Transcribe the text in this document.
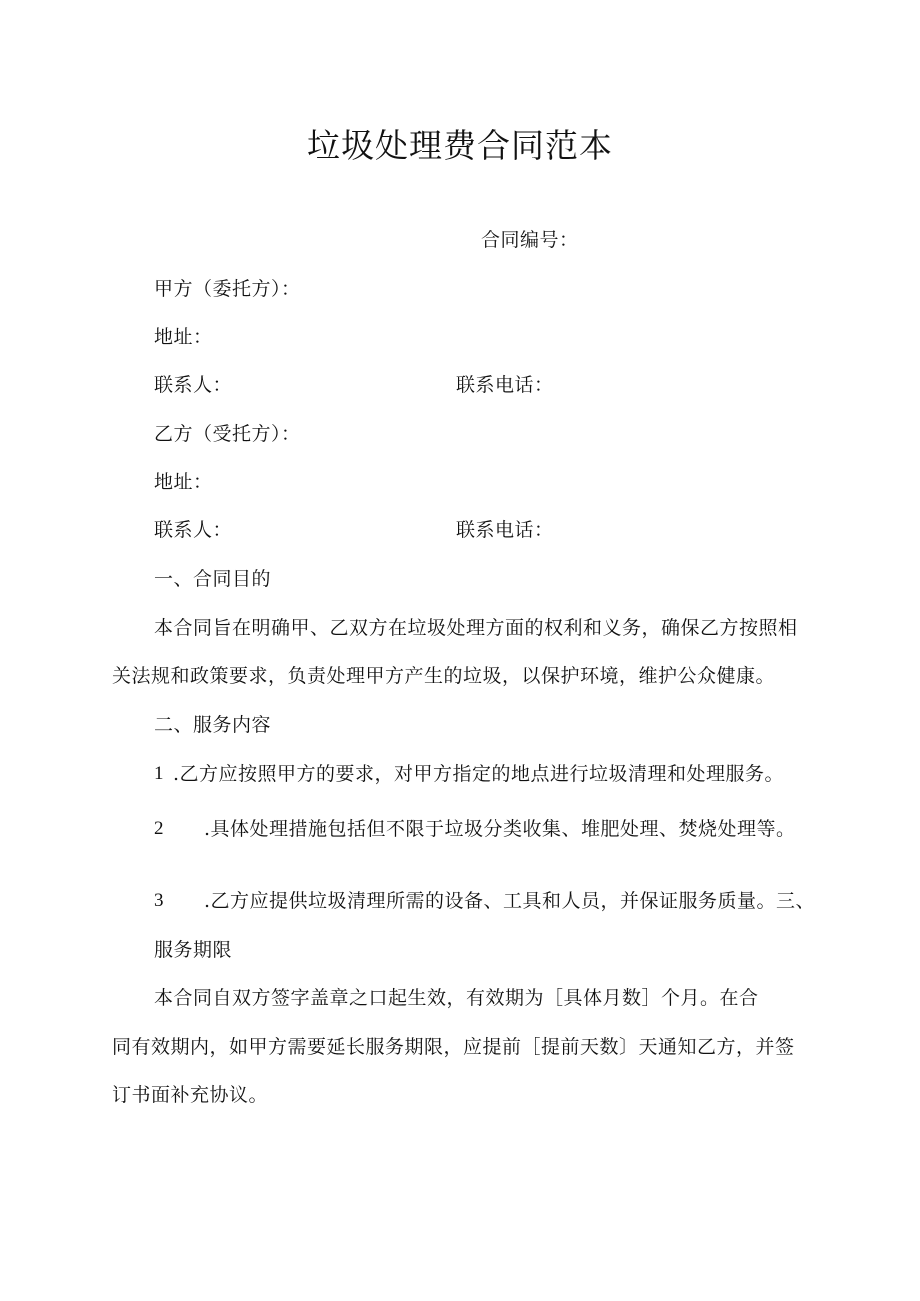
垃圾处理费合同范本
合同编号：
甲方（委托方）：
地址：
联系人：	联系电话：
乙方（受托方）：
地址：
联系人：	联系电话：
一、合同目的
本合同旨在明确甲、乙双方在垃圾处理方面的权利和义务，确保乙方按照相
关法规和政策要求，负责处理甲方产生的垃圾，以保护环境，维护公众健康。
二、服务内容
1 .乙方应按照甲方的要求，对甲方指定的地点进行垃圾清理和处理服务。
2 .具体处理措施包括但不限于垃圾分类收集、堆肥处理、焚烧处理等。
3 .乙方应提供垃圾清理所需的设备、工具和人员，并保证服务质量。三、
服务期限
本合同自双方签字盖章之口起生效，有效期为［具体月数］个月。在合
同有效期内，如甲方需要延长服务期限，应提前［提前天数〕天通知乙方，并签
订书面补充协议。
